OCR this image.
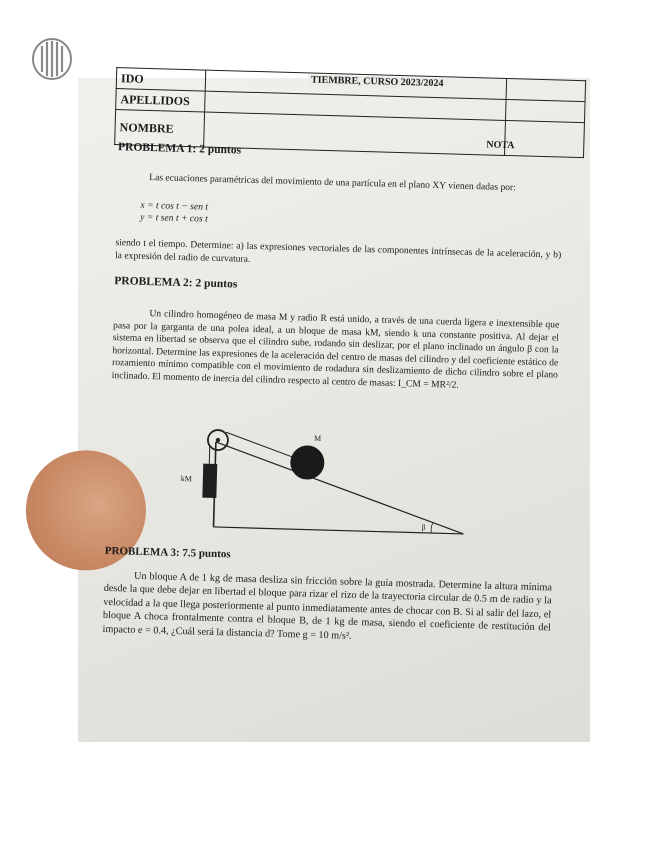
IDO		
APELLIDOS		
NOMBRE		
TIEMBRE, CURSO 2023/2024
NOTA
PROBLEMA 1: 2 puntos
Las ecuaciones paramétricas del movimiento de una partícula en el plano XY vienen dadas por:
x = t cos t − sen t
y = t sen t + cos t
siendo t el tiempo. Determine: a) las expresiones vectoriales de las componentes intrínsecas de la aceleración, y b) la expresión del radio de curvatura.
PROBLEMA 2: 2 puntos
Un cilindro homogéneo de masa M y radio R está unido, a través de una cuerda ligera e inextensible que pasa por la garganta de una polea ideal, a un bloque de masa kM, siendo k una constante positiva. Al dejar el sistema en libertad se observa que el cilindro sube, rodando sin deslizar, por el plano inclinado un ángulo β con la horizontal. Determine las expresiones de la aceleración del centro de masas del cilindro y del coeficiente estático de rozamiento mínimo compatible con el movimiento de rodadura sin deslizamiento de dicho cilindro sobre el plano inclinado. El momento de inercia del cilindro respecto al centro de masas: I_CM = MR²/2.
kM
M
β
PROBLEMA 3: 7.5 puntos
Un bloque A de 1 kg de masa desliza sin fricción sobre la guía mostrada. Determine la altura mínima desde la que debe dejar en libertad el bloque para rizar el rizo de la trayectoria circular de 0.5 m de radio y la velocidad a la que llega posteriormente al punto inmediatamente antes de chocar con B. Si al salir del lazo, el bloque A choca frontalmente contra el bloque B, de 1 kg de masa, siendo el coeficiente de restitución del impacto e = 0.4, ¿Cuál será la distancia d? Tome g = 10 m/s².
